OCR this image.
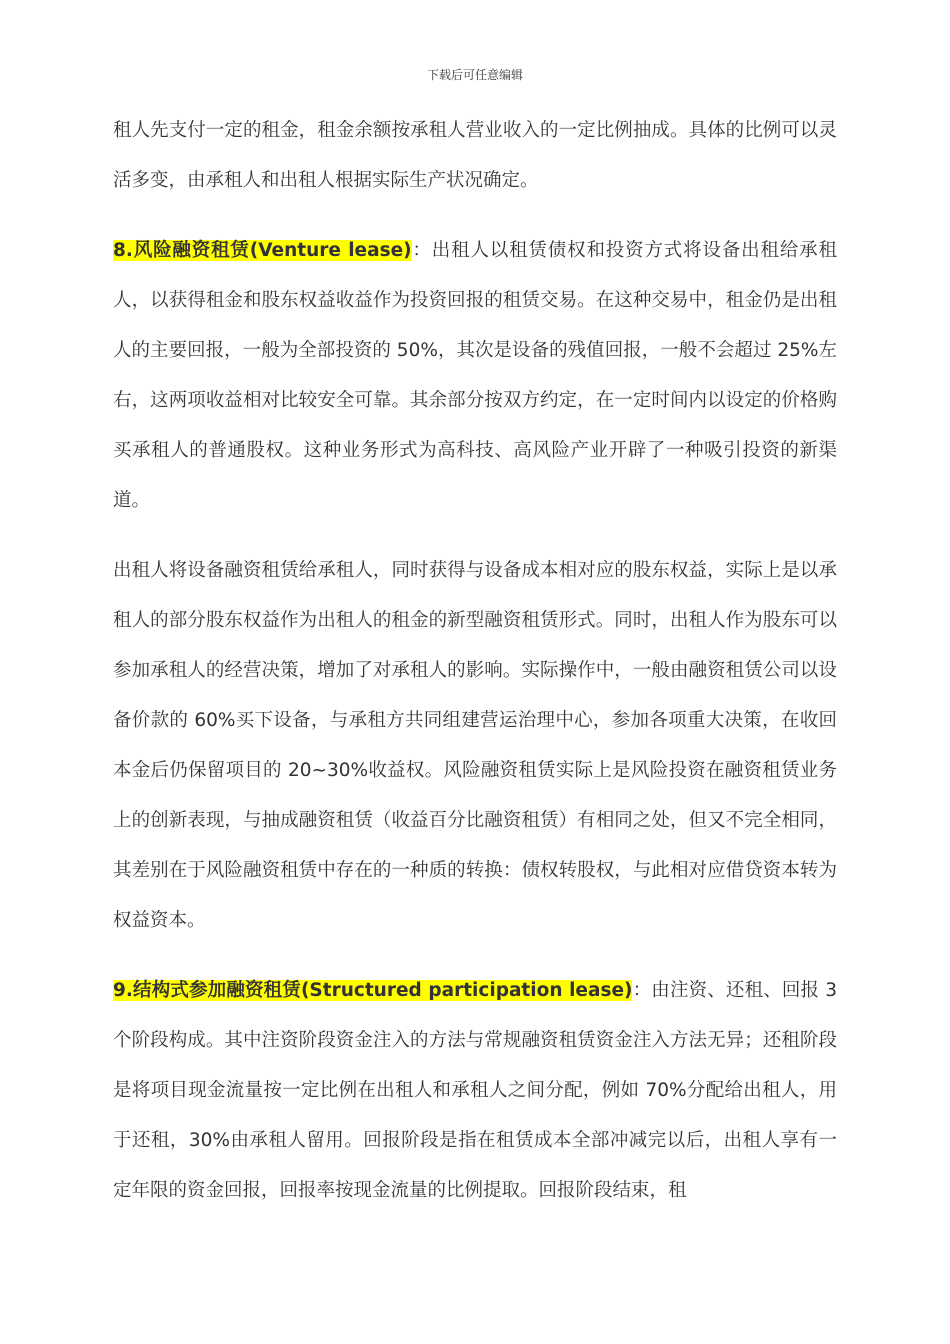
下载后可任意编辑

租人先支付一定的租金，租金余额按承租人营业收入的一定比例抽成。具体的比例可以灵活多变，由承租人和出租人根据实际生产状况确定。

8.风险融资租赁(Venture lease)：出租人以租赁债权和投资方式将设备出租给承租人，以获得租金和股东权益收益作为投资回报的租赁交易。在这种交易中，租金仍是出租人的主要回报，一般为全部投资的 50%，其次是设备的残值回报，一般不会超过 25%左右，这两项收益相对比较安全可靠。其余部分按双方约定，在一定时间内以设定的价格购买承租人的普通股权。这种业务形式为高科技、高风险产业开辟了一种吸引投资的新渠道。

出租人将设备融资租赁给承租人，同时获得与设备成本相对应的股东权益，实际上是以承租人的部分股东权益作为出租人的租金的新型融资租赁形式。同时，出租人作为股东可以参加承租人的经营决策，增加了对承租人的影响。实际操作中，一般由融资租赁公司以设备价款的 60%买下设备，与承租方共同组建营运治理中心，参加各项重大决策，在收回本金后仍保留项目的 20~30%收益权。风险融资租赁实际上是风险投资在融资租赁业务上的创新表现，与抽成融资租赁（收益百分比融资租赁）有相同之处，但又不完全相同，其差别在于风险融资租赁中存在的一种质的转换：债权转股权，与此相对应借贷资本转为权益资本。

9.结构式参加融资租赁(Structured participation lease)：由注资、还租、回报 3 个阶段构成。其中注资阶段资金注入的方法与常规融资租赁资金注入方法无异；还租阶段是将项目现金流量按一定比例在出租人和承租人之间分配，例如 70%分配给出租人，用于还租，30%由承租人留用。回报阶段是指在租赁成本全部冲减完以后，出租人享有一定年限的资金回报，回报率按现金流量的比例提取。回报阶段结束，租
